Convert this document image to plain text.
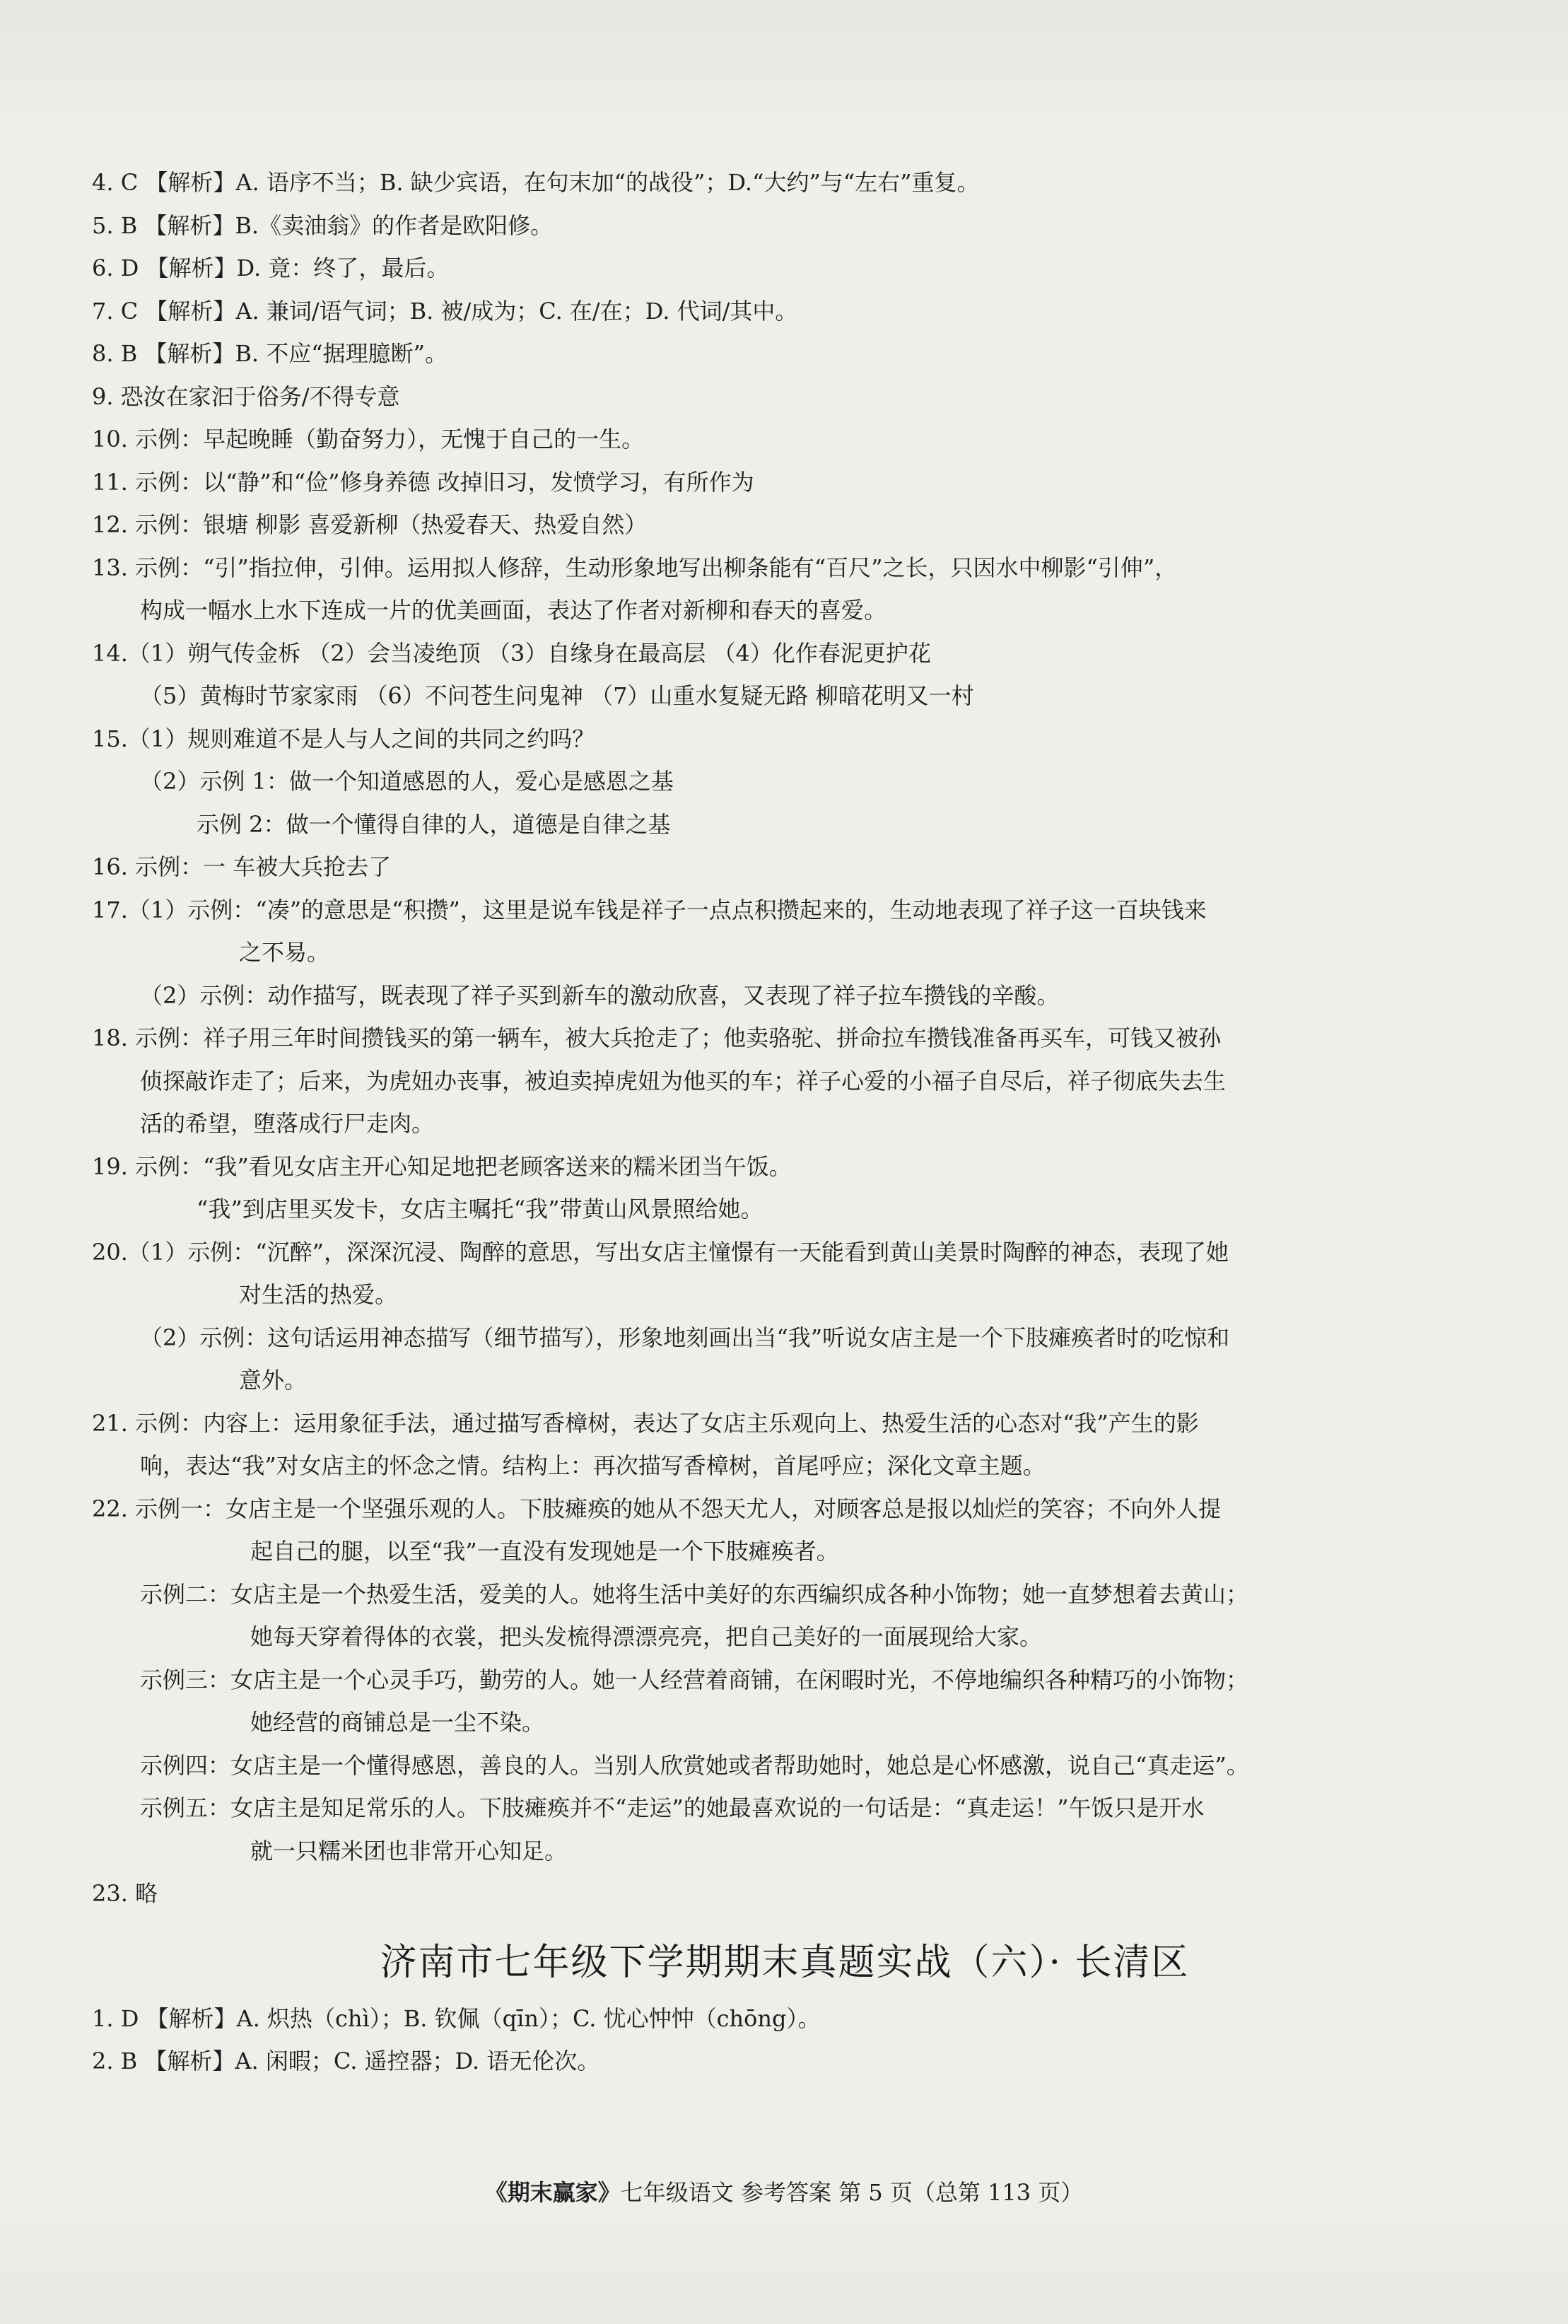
4. C 【解析】A. 语序不当；B. 缺少宾语，在句末加“的战役”；D.“大约”与“左右”重复。
5. B 【解析】B.《卖油翁》的作者是欧阳修。
6. D 【解析】D. 竟：终了，最后。
7. C 【解析】A. 兼词/语气词；B. 被/成为；C. 在/在；D. 代词/其中。
8. B 【解析】B. 不应“据理臆断”。
9. 恐汝在家汩于俗务/不得专意
10. 示例：早起晚睡（勤奋努力），无愧于自己的一生。
11. 示例：以“静”和“俭”修身养德 改掉旧习，发愤学习，有所作为
12. 示例：银塘 柳影 喜爱新柳（热爱春天、热爱自然）
13. 示例：“引”指拉伸，引伸。运用拟人修辞，生动形象地写出柳条能有“百尺”之长，只因水中柳影“引伸”，
构成一幅水上水下连成一片的优美画面，表达了作者对新柳和春天的喜爱。
14.（1）朔气传金柝 （2）会当凌绝顶 （3）自缘身在最高层 （4）化作春泥更护花
（5）黄梅时节家家雨 （6）不问苍生问鬼神 （7）山重水复疑无路 柳暗花明又一村
15.（1）规则难道不是人与人之间的共同之约吗？
（2）示例 1：做一个知道感恩的人，爱心是感恩之基
示例 2：做一个懂得自律的人，道德是自律之基
16. 示例：一 车被大兵抢去了
17.（1）示例：“凑”的意思是“积攒”，这里是说车钱是祥子一点点积攒起来的，生动地表现了祥子这一百块钱来
之不易。
（2）示例：动作描写，既表现了祥子买到新车的激动欣喜，又表现了祥子拉车攒钱的辛酸。
18. 示例：祥子用三年时间攒钱买的第一辆车，被大兵抢走了；他卖骆驼、拼命拉车攒钱准备再买车，可钱又被孙
侦探敲诈走了；后来，为虎妞办丧事，被迫卖掉虎妞为他买的车；祥子心爱的小福子自尽后，祥子彻底失去生
活的希望，堕落成行尸走肉。
19. 示例：“我”看见女店主开心知足地把老顾客送来的糯米团当午饭。
“我”到店里买发卡，女店主嘱托“我”带黄山风景照给她。
20.（1）示例：“沉醉”，深深沉浸、陶醉的意思，写出女店主憧憬有一天能看到黄山美景时陶醉的神态，表现了她
对生活的热爱。
（2）示例：这句话运用神态描写（细节描写），形象地刻画出当“我”听说女店主是一个下肢瘫痪者时的吃惊和
意外。
21. 示例：内容上：运用象征手法，通过描写香樟树，表达了女店主乐观向上、热爱生活的心态对“我”产生的影
响，表达“我”对女店主的怀念之情。结构上：再次描写香樟树，首尾呼应；深化文章主题。
22. 示例一：女店主是一个坚强乐观的人。下肢瘫痪的她从不怨天尤人，对顾客总是报以灿烂的笑容；不向外人提
起自己的腿，以至“我”一直没有发现她是一个下肢瘫痪者。
示例二：女店主是一个热爱生活，爱美的人。她将生活中美好的东西编织成各种小饰物；她一直梦想着去黄山；
她每天穿着得体的衣裳，把头发梳得漂漂亮亮，把自己美好的一面展现给大家。
示例三：女店主是一个心灵手巧，勤劳的人。她一人经营着商铺，在闲暇时光，不停地编织各种精巧的小饰物；
她经营的商铺总是一尘不染。
示例四：女店主是一个懂得感恩，善良的人。当别人欣赏她或者帮助她时，她总是心怀感激，说自己“真走运”。
示例五：女店主是知足常乐的人。下肢瘫痪并不“走运”的她最喜欢说的一句话是：“真走运！”午饭只是开水
就一只糯米团也非常开心知足。
23. 略
济南市七年级下学期期末真题实战（六）· 长清区
1. D 【解析】A. 炽热（chì）；B. 钦佩（qīn）；C. 忧心忡忡（chōng）。
2. B 【解析】A. 闲暇；C. 遥控器；D. 语无伦次。
《期末赢家》七年级语文 参考答案 第 5 页（总第 113 页）
